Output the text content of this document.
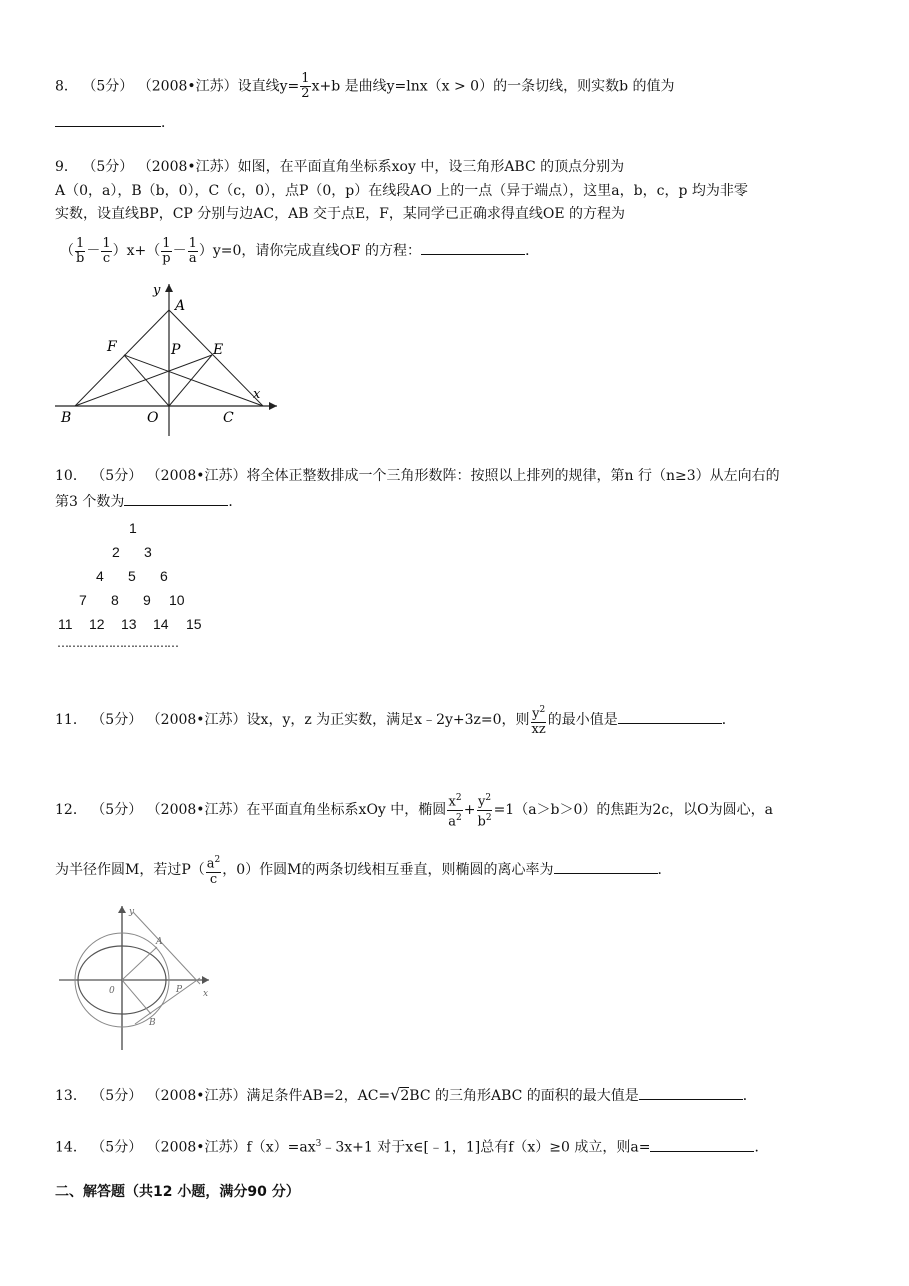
8． （5分） （2008•江苏）设直线$y= \frac{1}{2} x+b$ 是曲线y=lnx（x > 0）的一条切线，则实数b 的值为
．
9． （5分） （2008•江苏）如图，在平面直角坐标系xoy 中，设三角形ABC 的顶点分别为
A（0，a），B（b，0），C（c，0），点P（0，p）在线段AO 上的一点（异于端点），这里a，b，c，p 均为非零
实数，设直线BP，CP 分别与边AC，AB 交于点E，F，某同学已正确求得直线OE 的方程为
（ $\frac{1}{b} - \frac{1}{c} )x+( \frac{1}{p} - \frac{1}{a} )y=0$，请你完成直线OF 的方程：	．
A
B	C
O
P E
F
x
y
10． （5分） （2008•江苏）将全体正整数排成一个三角形数阵：按照以上排列的规律，第n 行（n≥3）从左向右的
第3 个数为	．
1
2 3
4 5 6
7 8 9 10
11 12 13 14 15
……………………………
11． （5分） （2008•江苏）设x，y，z 为正实数，满足x﹣2y+3z=0，则 $\frac{y^2}{xz}$ 的最小值是	．
12． （5分） （2008•江苏）在平面直角坐标系xOy 中，椭圆 $\frac{x^2}{a^2} + \frac{y^2}{b^2} =1(a>b>0)$的焦距为2c，以O为圆心，a
为半径作圆M，若过$P( \frac{a^2}{c}$ ，0）作圆M的两条切线相互垂直，则椭圆的离心率为	．
y
x
0
A
B
P
13． （5分） （2008•江苏）满足条件AB=2，AC=√2BC 的三角形ABC 的面积的最大值是	．
14． （5分） （2008•江苏）$f(x)=ax^3﹣3x+1$ 对于x∈[﹣1，1]总有f（x）≥0 成立，则a=	．
二、解答题（共12 小题，满分90 分）
